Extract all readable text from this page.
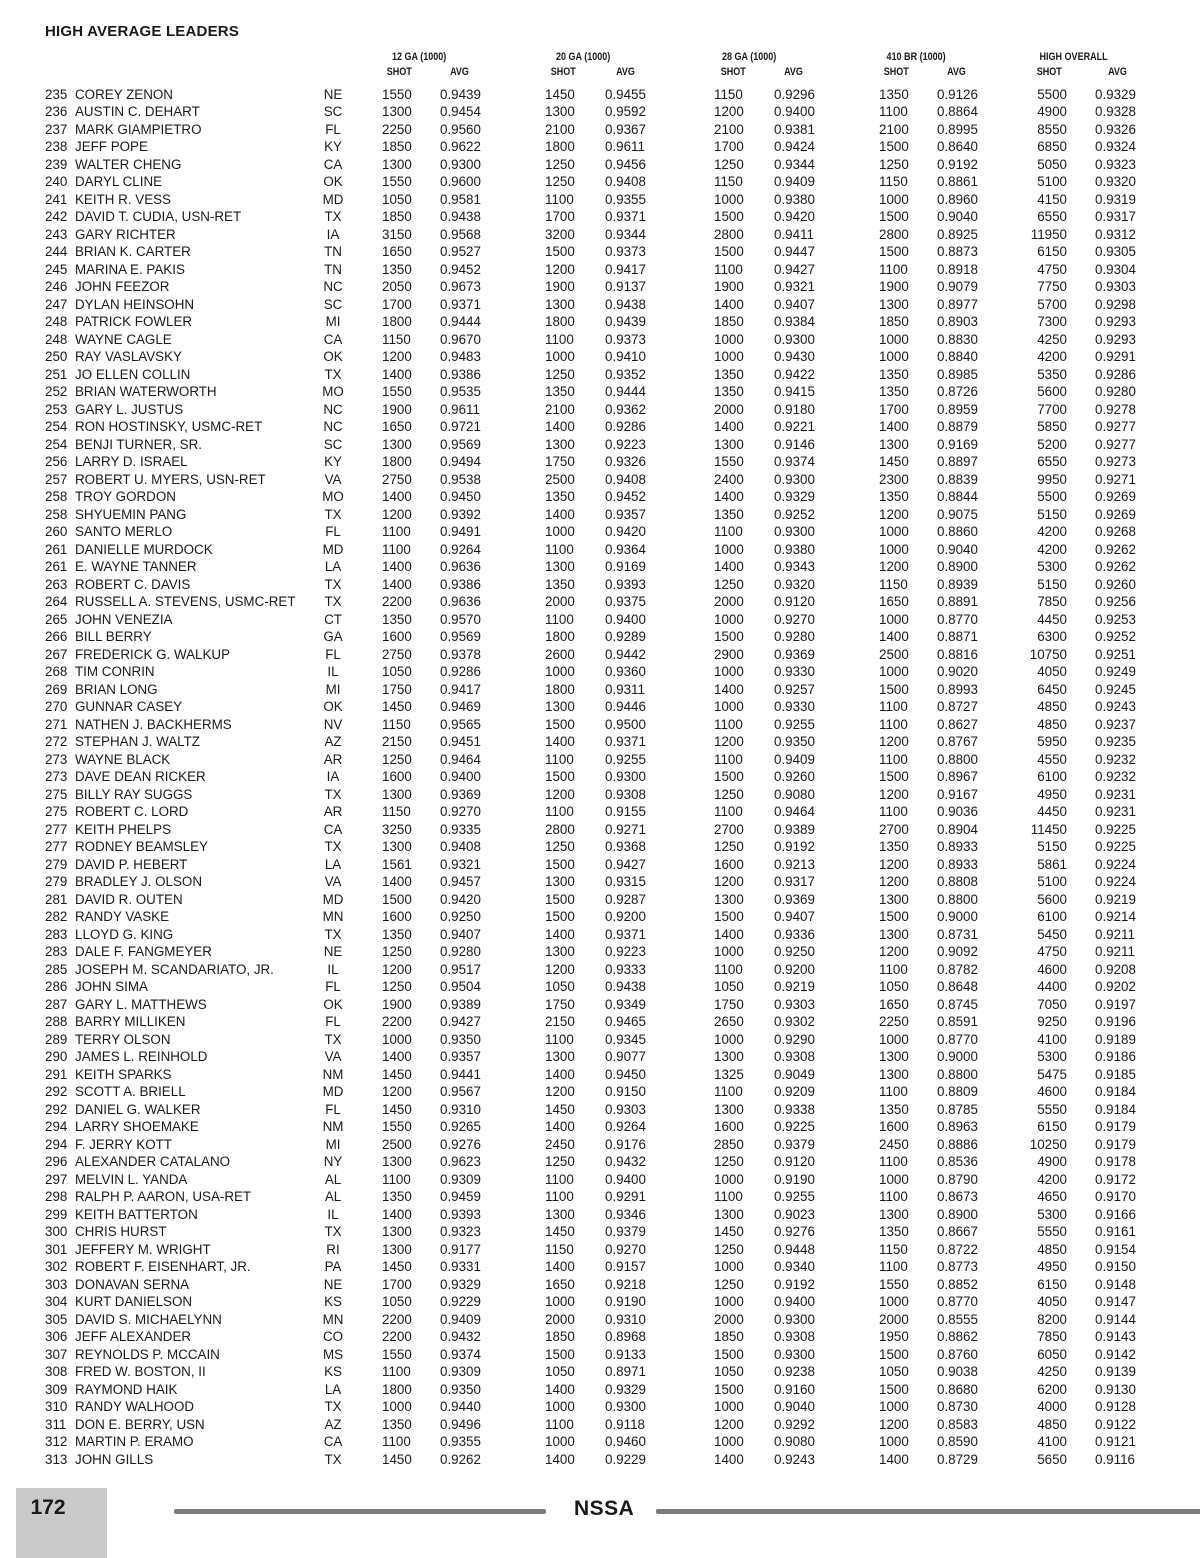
HIGH AVERAGE LEADERS
12 GA (1000)	20 GA (1000)	28 GA (1000)	410 BR (1000)	HIGH OVERALL
SHOT	AVG	SHOT	AVG	SHOT	AVG	SHOT	AVG	SHOT	AVG
235 COREY ZENON	NE	1550 0.9439	1450 0.9455	1150 0.9296	1350 0.9126	5500 0.9329
236 AUSTIN C. DEHART	SC	1300 0.9454	1300 0.9592	1200 0.9400	1100 0.8864	4900 0.9328
237 MARK GIAMPIETRO	FL	2250 0.9560	2100 0.9367	2100 0.9381	2100 0.8995	8550 0.9326
238 JEFF POPE	KY	1850 0.9622	1800 0.9611	1700 0.9424	1500 0.8640	6850 0.9324
239 WALTER CHENG	CA	1300 0.9300	1250 0.9456	1250 0.9344	1250 0.9192	5050 0.9323
240 DARYL CLINE	OK	1550 0.9600	1250 0.9408	1150 0.9409	1150 0.8861	5100 0.9320
241 KEITH R. VESS	MD	1050 0.9581	1100 0.9355	1000 0.9380	1000 0.8960	4150 0.9319
242 DAVID T. CUDIA, USN-RET	TX	1850 0.9438	1700 0.9371	1500 0.9420	1500 0.9040	6550 0.9317
243 GARY RICHTER	IA	3150 0.9568	3200 0.9344	2800 0.9411	2800 0.8925	11950 0.9312
244 BRIAN K. CARTER	TN	1650 0.9527	1500 0.9373	1500 0.9447	1500 0.8873	6150 0.9305
245 MARINA E. PAKIS	TN	1350 0.9452	1200 0.9417	1100 0.9427	1100 0.8918	4750 0.9304
246 JOHN FEEZOR	NC	2050 0.9673	1900 0.9137	1900 0.9321	1900 0.9079	7750 0.9303
247 DYLAN HEINSOHN	SC	1700 0.9371	1300 0.9438	1400 0.9407	1300 0.8977	5700 0.9298
248 PATRICK FOWLER	MI	1800 0.9444	1800 0.9439	1850 0.9384	1850 0.8903	7300 0.9293
248 WAYNE CAGLE	CA	1150 0.9670	1100 0.9373	1000 0.9300	1000 0.8830	4250 0.9293
250 RAY VASLAVSKY	OK	1200 0.9483	1000 0.9410	1000 0.9430	1000 0.8840	4200 0.9291
251 JO ELLEN COLLIN	TX	1400 0.9386	1250 0.9352	1350 0.9422	1350 0.8985	5350 0.9286
252 BRIAN WATERWORTH	MO	1550 0.9535	1350 0.9444	1350 0.9415	1350 0.8726	5600 0.9280
253 GARY L. JUSTUS	NC	1900 0.9611	2100 0.9362	2000 0.9180	1700 0.8959	7700 0.9278
254 RON HOSTINSKY, USMC-RET	NC	1650 0.9721	1400 0.9286	1400 0.9221	1400 0.8879	5850 0.9277
254 BENJI TURNER, SR.	SC	1300 0.9569	1300 0.9223	1300 0.9146	1300 0.9169	5200 0.9277
256 LARRY D. ISRAEL	KY	1800 0.9494	1750 0.9326	1550 0.9374	1450 0.8897	6550 0.9273
257 ROBERT U. MYERS, USN-RET	VA	2750 0.9538	2500 0.9408	2400 0.9300	2300 0.8839	9950 0.9271
258 TROY GORDON	MO	1400 0.9450	1350 0.9452	1400 0.9329	1350 0.8844	5500 0.9269
258 SHYUEMIN PANG	TX	1200 0.9392	1400 0.9357	1350 0.9252	1200 0.9075	5150 0.9269
260 SANTO MERLO	FL	1100 0.9491	1000 0.9420	1100 0.9300	1000 0.8860	4200 0.9268
261 DANIELLE MURDOCK	MD	1100 0.9264	1100 0.9364	1000 0.9380	1000 0.9040	4200 0.9262
261 E. WAYNE TANNER	LA	1400 0.9636	1300 0.9169	1400 0.9343	1200 0.8900	5300 0.9262
263 ROBERT C. DAVIS	TX	1400 0.9386	1350 0.9393	1250 0.9320	1150 0.8939	5150 0.9260
264 RUSSELL A. STEVENS, USMC-RET TX	2200 0.9636	2000 0.9375	2000 0.9120	1650 0.8891	7850 0.9256
265 JOHN VENEZIA	CT	1350 0.9570	1100 0.9400	1000 0.9270	1000 0.8770	4450 0.9253
266 BILL BERRY	GA	1600 0.9569	1800 0.9289	1500 0.9280	1400 0.8871	6300 0.9252
267 FREDERICK G. WALKUP	FL	2750 0.9378	2600 0.9442	2900 0.9369	2500 0.8816	10750 0.9251
268 TIM CONRIN	IL	1050 0.9286	1000 0.9360	1000 0.9330	1000 0.9020	4050 0.9249
269 BRIAN LONG	MI	1750 0.9417	1800 0.9311	1400 0.9257	1500 0.8993	6450 0.9245
270 GUNNAR CASEY	OK	1450 0.9469	1300 0.9446	1000 0.9330	1100 0.8727	4850 0.9243
271 NATHEN J. BACKHERMS	NV	1150 0.9565	1500 0.9500	1100 0.9255	1100 0.8627	4850 0.9237
272 STEPHAN J. WALTZ	AZ	2150 0.9451	1400 0.9371	1200 0.9350	1200 0.8767	5950 0.9235
273 WAYNE BLACK	AR	1250 0.9464	1100 0.9255	1100 0.9409	1100 0.8800	4550 0.9232
273 DAVE DEAN RICKER	IA	1600 0.9400	1500 0.9300	1500 0.9260	1500 0.8967	6100 0.9232
275 BILLY RAY SUGGS	TX	1300 0.9369	1200 0.9308	1250 0.9080	1200 0.9167	4950 0.9231
275 ROBERT C. LORD	AR	1150 0.9270	1100 0.9155	1100 0.9464	1100 0.9036	4450 0.9231
277 KEITH PHELPS	CA	3250 0.9335	2800 0.9271	2700 0.9389	2700 0.8904	11450 0.9225
277 RODNEY BEAMSLEY	TX	1300 0.9408	1250 0.9368	1250 0.9192	1350 0.8933	5150 0.9225
279 DAVID P. HEBERT	LA	1561 0.9321	1500 0.9427	1600 0.9213	1200 0.8933	5861 0.9224
279 BRADLEY J. OLSON	VA	1400 0.9457	1300 0.9315	1200 0.9317	1200 0.8808	5100 0.9224
281 DAVID R. OUTEN	MD	1500 0.9420	1500 0.9287	1300 0.9369	1300 0.8800	5600 0.9219
282 RANDY VASKE	MN	1600 0.9250	1500 0.9200	1500 0.9407	1500 0.9000	6100 0.9214
283 LLOYD G. KING	TX	1350 0.9407	1400 0.9371	1400 0.9336	1300 0.8731	5450 0.9211
283 DALE F. FANGMEYER	NE	1250 0.9280	1300 0.9223	1000 0.9250	1200 0.9092	4750 0.9211
285 JOSEPH M. SCANDARIATO, JR.	IL	1200 0.9517	1200 0.9333	1100 0.9200	1100 0.8782	4600 0.9208
286 JOHN SIMA	FL	1250 0.9504	1050 0.9438	1050 0.9219	1050 0.8648	4400 0.9202
287 GARY L. MATTHEWS	OK	1900 0.9389	1750 0.9349	1750 0.9303	1650 0.8745	7050 0.9197
288 BARRY MILLIKEN	FL	2200 0.9427	2150 0.9465	2650 0.9302	2250 0.8591	9250 0.9196
289 TERRY OLSON	TX	1000 0.9350	1100 0.9345	1000 0.9290	1000 0.8770	4100 0.9189
290 JAMES L. REINHOLD	VA	1400 0.9357	1300 0.9077	1300 0.9308	1300 0.9000	5300 0.9186
291 KEITH SPARKS	NM	1450 0.9441	1400 0.9450	1325 0.9049	1300 0.8800	5475 0.9185
292 SCOTT A. BRIELL	MD	1200 0.9567	1200 0.9150	1100 0.9209	1100 0.8809	4600 0.9184
292 DANIEL G. WALKER	FL	1450 0.9310	1450 0.9303	1300 0.9338	1350 0.8785	5550 0.9184
294 LARRY SHOEMAKE	NM	1550 0.9265	1400 0.9264	1600 0.9225	1600 0.8963	6150 0.9179
294 F. JERRY KOTT	MI	2500 0.9276	2450 0.9176	2850 0.9379	2450 0.8886	10250 0.9179
296 ALEXANDER CATALANO	NY	1300 0.9623	1250 0.9432	1250 0.9120	1100 0.8536	4900 0.9178
297 MELVIN L. YANDA	AL	1100 0.9309	1100 0.9400	1000 0.9190	1000 0.8790	4200 0.9172
298 RALPH P. AARON, USA-RET	AL	1350 0.9459	1100 0.9291	1100 0.9255	1100 0.8673	4650 0.9170
299 KEITH BATTERTON	IL	1400 0.9393	1300 0.9346	1300 0.9023	1300 0.8900	5300 0.9166
300 CHRIS HURST	TX	1300 0.9323	1450 0.9379	1450 0.9276	1350 0.8667	5550 0.9161
301 JEFFERY M. WRIGHT	RI	1300 0.9177	1150 0.9270	1250 0.9448	1150 0.8722	4850 0.9154
302 ROBERT F. EISENHART, JR.	PA	1450 0.9331	1400 0.9157	1000 0.9340	1100 0.8773	4950 0.9150
303 DONAVAN SERNA	NE	1700 0.9329	1650 0.9218	1250 0.9192	1550 0.8852	6150 0.9148
304 KURT DANIELSON	KS	1050 0.9229	1000 0.9190	1000 0.9400	1000 0.8770	4050 0.9147
305 DAVID S. MICHAELYNN	MN	2200 0.9409	2000 0.9310	2000 0.9300	2000 0.8555	8200 0.9144
306 JEFF ALEXANDER	CO	2200 0.9432	1850 0.8968	1850 0.9308	1950 0.8862	7850 0.9143
307 REYNOLDS P. MCCAIN	MS	1550 0.9374	1500 0.9133	1500 0.9300	1500 0.8760	6050 0.9142
308 FRED W. BOSTON, II	KS	1100 0.9309	1050 0.8971	1050 0.9238	1050 0.9038	4250 0.9139
309 RAYMOND HAIK	LA	1800 0.9350	1400 0.9329	1500 0.9160	1500 0.8680	6200 0.9130
310 RANDY WALHOOD	TX	1000 0.9440	1000 0.9300	1000 0.9040	1000 0.8730	4000 0.9128
311 DON E. BERRY, USN	AZ	1350 0.9496	1100 0.9118	1200 0.9292	1200 0.8583	4850 0.9122
312 MARTIN P. ERAMO	CA	1100 0.9355	1000 0.9460	1000 0.9080	1000 0.8590	4100 0.9121
313 JOHN GILLS	TX	1450 0.9262	1400 0.9229	1400 0.9243	1400 0.8729	5650 0.9116
172	NSSA
